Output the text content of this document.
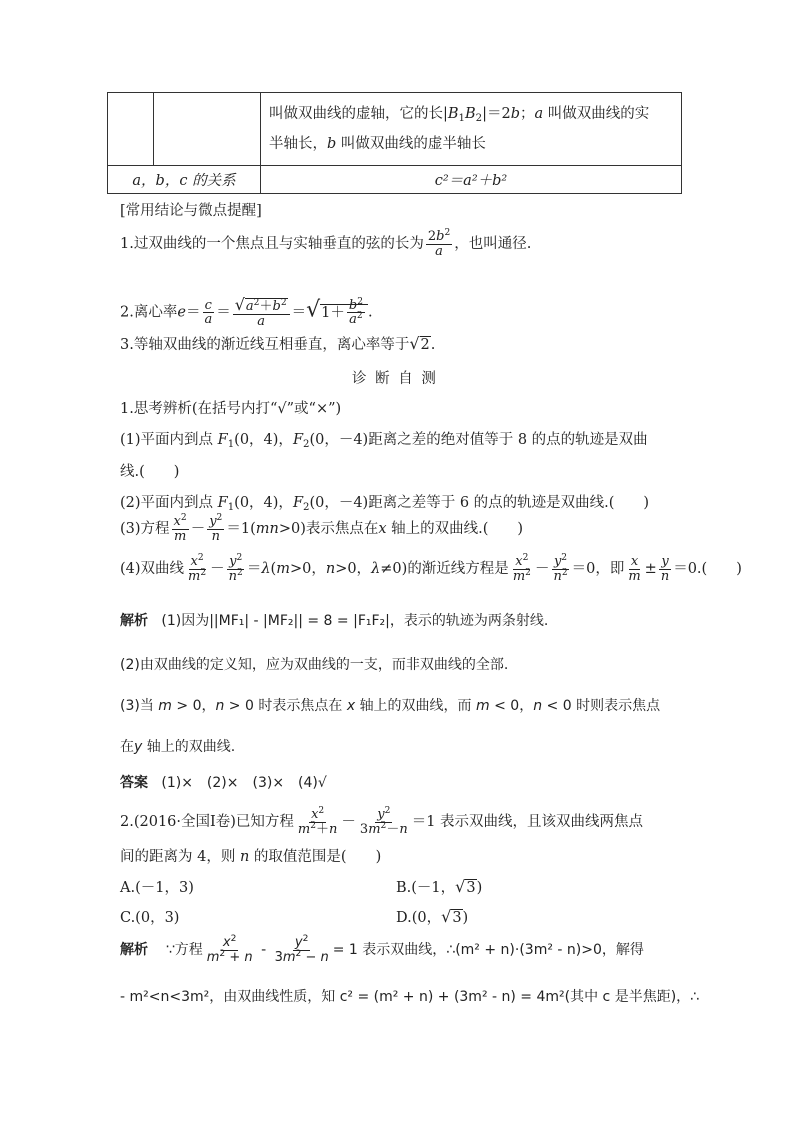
		叫做双曲线的虚轴，它的长$|B_1B_2|=2b$；a 叫做双曲线的实
半轴长，b 叫做双曲线的虚半轴长

a，b，c 的关系		c²＝a²＋b²
[常用结论与微点提醒]
1.过双曲线的一个焦点且与实轴垂直的弦的长为 $\frac{2b^2}{a}$ ，也叫通径.
2.离心率$e= \frac{c}{a} = \frac{√a^2+b^2}{a} =√1+ \frac{b^2}{a^2}$ .
3.等轴双曲线的渐近线互相垂直，离心率等于√2.
诊 断 自 测
1.思考辨析(在括号内打“√”或“×”)
(1)平面内到点 $F_1(0$，4)，$F_2(0$，－4)距离之差的绝对值等于 8 的点的轨迹是双曲
线.(　　)
(2)平面内到点 $F_1(0$，4)，$F_2(0$，－4)距离之差等于 6 的点的轨迹是双曲线.(　　)
(3)方程 $\frac{x^2}{m} - \frac{y^2}{n} =1(mn>0)$表示焦点在x 轴上的双曲线.(　　)
(4)双曲线 $\frac{x^2}{m^2} - \frac{y^2}{n^2} =\lambda(m>0$，n>0，λ≠0)的渐近线方程是 $\frac{x^2}{m^2} - \frac{y^2}{n^2} =0$，即 $\frac{x}{m} \pm \frac{y}{n} =0$.(　　)
解析 (1)因为||MF₁| - |MF₂|| = 8 = |F₁F₂|，表示的轨迹为两条射线.
(2)由双曲线的定义知，应为双曲线的一支，而非双曲线的全部.
(3)当 m > 0，n > 0 时表示焦点在 x 轴上的双曲线，而 m < 0，n < 0 时则表示焦点
在y 轴上的双曲线.
答案 (1)×　(2)×　(3)×　(4)√
2.(2016·全国Ⅰ卷)已知方程 $\frac{x^2}{m^2+n} - \frac{y^2}{3m^2-n} =1$ 表示双曲线，且该双曲线两焦点
间的距离为 4，则 n 的取值范围是(　　)
A.(－1，3)	B.(－1，√3)
C.(0，3)	D.(0，√3)
解析 ∵方程 $\frac{x^2}{m^2 + n} - \frac{y^2}{3m^2 - n} = 1$ 表示双曲线，∴(m² + n)·(3m² - n)>0，解得
- m²<n<3m²，由双曲线性质，知 c² = (m² + n) + (3m² - n) = 4m²(其中 c 是半焦距)，∴
